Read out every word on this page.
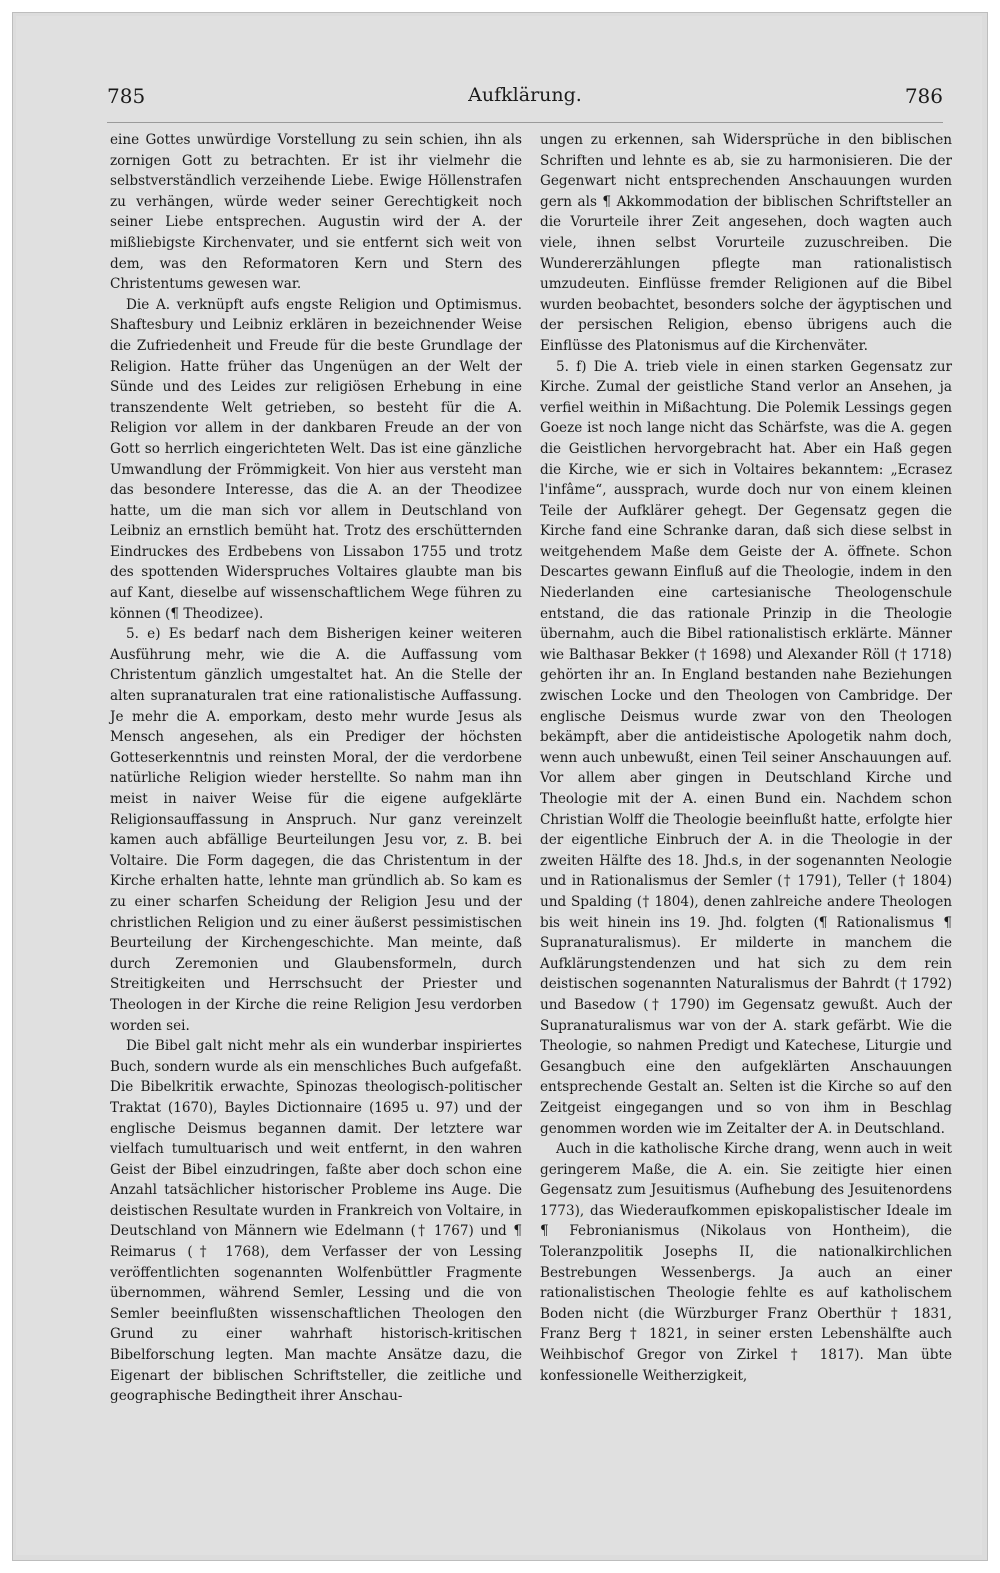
785	Aufklärung.	786

eine Gottes unwürdige Vorstellung zu sein schien, ihn als zornigen Gott zu betrachten. Er ist ihr vielmehr die selbstverständlich verzeihende Liebe. Ewige Höllenstrafen zu verhängen, würde weder seiner Gerechtigkeit noch seiner Liebe entsprechen. Augustin wird der A. der mißliebigste Kirchenvater, und sie entfernt sich weit von dem, was den Reformatoren Kern und Stern des Christentums gewesen war.

Die A. verknüpft aufs engste Religion und Optimismus. Shaftesbury und Leibniz erklären in bezeichnender Weise die Zufriedenheit und Freude für die beste Grundlage der Religion. Hatte früher das Ungenügen an der Welt der Sünde und des Leides zur religiösen Erhebung in eine transzendente Welt getrieben, so besteht für die A. Religion vor allem in der dankbaren Freude an der von Gott so herrlich eingerichteten Welt. Das ist eine gänzliche Umwandlung der Frömmigkeit. Von hier aus versteht man das besondere Interesse, das die A. an der Theodizee hatte, um die man sich vor allem in Deutschland von Leibniz an ernstlich bemüht hat. Trotz des erschütternden Eindruckes des Erdbebens von Lissabon 1755 und trotz des spottenden Widerspruches Voltaires glaubte man bis auf Kant, dieselbe auf wissenschaftlichem Wege führen zu können (¶ Theodizee).

5. e) Es bedarf nach dem Bisherigen keiner weiteren Ausführung mehr, wie die A. die Auffassung vom Christentum gänzlich umgestaltet hat. An die Stelle der alten supranaturalen trat eine rationalistische Auffassung. Je mehr die A. emporkam, desto mehr wurde Jesus als Mensch angesehen, als ein Prediger der höchsten Gotteserkenntnis und reinsten Moral, der die verdorbene natürliche Religion wieder herstellte. So nahm man ihn meist in naiver Weise für die eigene aufgeklärte Religionsauffassung in Anspruch. Nur ganz vereinzelt kamen auch abfällige Beurteilungen Jesu vor, z. B. bei Voltaire. Die Form dagegen, die das Christentum in der Kirche erhalten hatte, lehnte man gründlich ab. So kam es zu einer scharfen Scheidung der Religion Jesu und der christlichen Religion und zu einer äußerst pessimistischen Beurteilung der Kirchengeschichte. Man meinte, daß durch Zeremonien und Glaubensformeln, durch Streitigkeiten und Herrschsucht der Priester und Theologen in der Kirche die reine Religion Jesu verdorben worden sei.

Die Bibel galt nicht mehr als ein wunderbar inspiriertes Buch, sondern wurde als ein menschliches Buch aufgefaßt. Die Bibelkritik erwachte, Spinozas theologisch-politischer Traktat (1670), Bayles Dictionnaire (1695 u. 97) und der englische Deismus begannen damit. Der letztere war vielfach tumultuarisch und weit entfernt, in den wahren Geist der Bibel einzudringen, faßte aber doch schon eine Anzahl tatsächlicher historischer Probleme ins Auge. Die deistischen Resultate wurden in Frankreich von Voltaire, in Deutschland von Männern wie Edelmann († 1767) und ¶ Reimarus († 1768), dem Verfasser der von Lessing veröffentlichten sogenannten Wolfenbüttler Fragmente übernommen, während Semler, Lessing und die von Semler beeinflußten wissenschaftlichen Theologen den Grund zu einer wahrhaft historisch-kritischen Bibelforschung legten. Man machte Ansätze dazu, die Eigenart der biblischen Schriftsteller, die zeitliche und geographische Bedingtheit ihrer Anschau-

ungen zu erkennen, sah Widersprüche in den biblischen Schriften und lehnte es ab, sie zu harmonisieren. Die der Gegenwart nicht entsprechenden Anschauungen wurden gern als ¶ Akkommodation der biblischen Schriftsteller an die Vorurteile ihrer Zeit angesehen, doch wagten auch viele, ihnen selbst Vorurteile zuzuschreiben. Die Wundererzählungen pflegte man rationalistisch umzudeuten. Einflüsse fremder Religionen auf die Bibel wurden beobachtet, besonders solche der ägyptischen und der persischen Religion, ebenso übrigens auch die Einflüsse des Platonismus auf die Kirchenväter.

5. f) Die A. trieb viele in einen starken Gegensatz zur Kirche. Zumal der geistliche Stand verlor an Ansehen, ja verfiel weithin in Mißachtung. Die Polemik Lessings gegen Goeze ist noch lange nicht das Schärfste, was die A. gegen die Geistlichen hervorgebracht hat. Aber ein Haß gegen die Kirche, wie er sich in Voltaires bekanntem: „Ecrasez l'infâme“, aussprach, wurde doch nur von einem kleinen Teile der Aufklärer gehegt. Der Gegensatz gegen die Kirche fand eine Schranke daran, daß sich diese selbst in weitgehendem Maße dem Geiste der A. öffnete. Schon Descartes gewann Einfluß auf die Theologie, indem in den Niederlanden eine cartesianische Theologenschule entstand, die das rationale Prinzip in die Theologie übernahm, auch die Bibel rationalistisch erklärte. Männer wie Balthasar Bekker († 1698) und Alexander Röll († 1718) gehörten ihr an. In England bestanden nahe Beziehungen zwischen Locke und den Theologen von Cambridge. Der englische Deismus wurde zwar von den Theologen bekämpft, aber die antideistische Apologetik nahm doch, wenn auch unbewußt, einen Teil seiner Anschauungen auf. Vor allem aber gingen in Deutschland Kirche und Theologie mit der A. einen Bund ein. Nachdem schon Christian Wolff die Theologie beeinflußt hatte, erfolgte hier der eigentliche Einbruch der A. in die Theologie in der zweiten Hälfte des 18. Jhd.s, in der sogenannten Neologie und in Rationalismus der Semler († 1791), Teller († 1804) und Spalding († 1804), denen zahlreiche andere Theologen bis weit hinein ins 19. Jhd. folgten (¶ Rationalismus ¶ Supranaturalismus). Er milderte in manchem die Aufklärungstendenzen und hat sich zu dem rein deistischen sogenannten Naturalismus der Bahrdt († 1792) und Basedow († 1790) im Gegensatz gewußt. Auch der Supranaturalismus war von der A. stark gefärbt. Wie die Theologie, so nahmen Predigt und Katechese, Liturgie und Gesangbuch eine den aufgeklärten Anschauungen entsprechende Gestalt an. Selten ist die Kirche so auf den Zeitgeist eingegangen und so von ihm in Beschlag genommen worden wie im Zeitalter der A. in Deutschland.

Auch in die katholische Kirche drang, wenn auch in weit geringerem Maße, die A. ein. Sie zeitigte hier einen Gegensatz zum Jesuitismus (Aufhebung des Jesuitenordens 1773), das Wiederaufkommen episkopalistischer Ideale im ¶ Febronianismus (Nikolaus von Hontheim), die Toleranzpolitik Josephs II, die nationalkirchlichen Bestrebungen Wessenbergs. Ja auch an einer rationalistischen Theologie fehlte es auf katholischem Boden nicht (die Würzburger Franz Oberthür † 1831, Franz Berg † 1821, in seiner ersten Lebenshälfte auch Weihbischof Gregor von Zirkel † 1817). Man übte konfessionelle Weitherzigkeit,
